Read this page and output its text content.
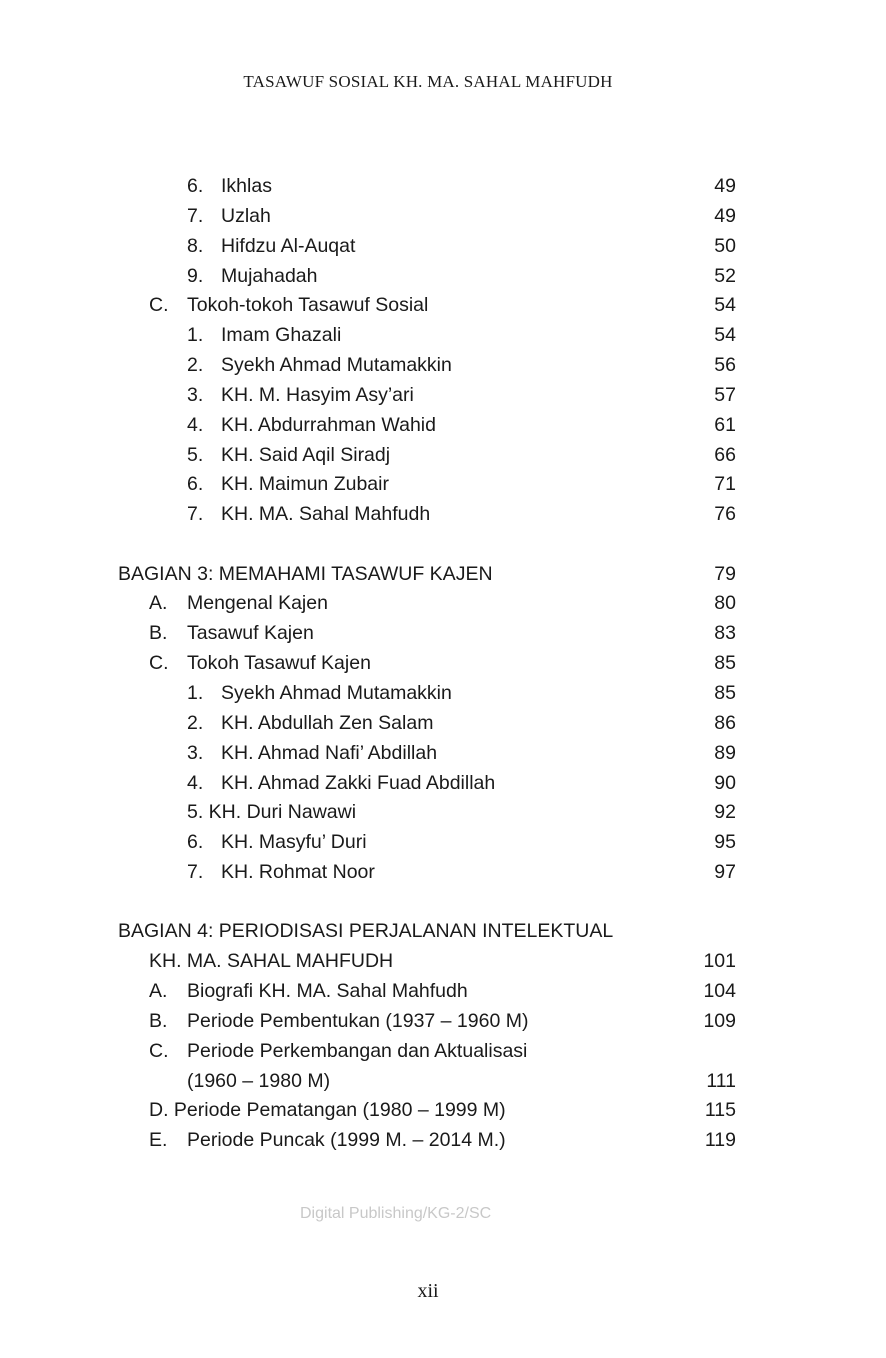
TASAWUF SOSIAL KH. MA. SAHAL MAHFUDH
6. Ikhlas	49
7. Uzlah	49
8. Hifdzu Al-Auqat	50
9. Mujahadah	52
C. Tokoh-tokoh Tasawuf Sosial	54
1. Imam Ghazali	54
2. Syekh Ahmad Mutamakkin	56
3. KH. M. Hasyim Asy’ari	57
4. KH. Abdurrahman Wahid	61
5. KH. Said Aqil Siradj	66
6. KH. Maimun Zubair	71
7. KH. MA. Sahal Mahfudh	76
BAGIAN 3: MEMAHAMI TASAWUF KAJEN	79
A. Mengenal Kajen	80
B. Tasawuf Kajen	83
C. Tokoh Tasawuf Kajen	85
1. Syekh Ahmad Mutamakkin	85
2. KH. Abdullah Zen Salam	86
3. KH. Ahmad Nafi’ Abdillah	89
4. KH. Ahmad Zakki Fuad Abdillah	90
5. KH. Duri Nawawi	92
6. KH. Masyfu’ Duri	95
7. KH. Rohmat Noor	97
BAGIAN 4: PERIODISASI PERJALANAN INTELEKTUAL
KH. MA. SAHAL MAHFUDH	101
A. Biografi KH. MA. Sahal Mahfudh	104
B. Periode Pembentukan (1937 – 1960 M)	109
C. Periode Perkembangan dan Aktualisasi
(1960 – 1980 M)	111
D. Periode Pematangan (1980 – 1999 M)	115
E. Periode Puncak (1999 M. – 2014 M.)	119
Digital Publishing/KG-2/SC
xii
